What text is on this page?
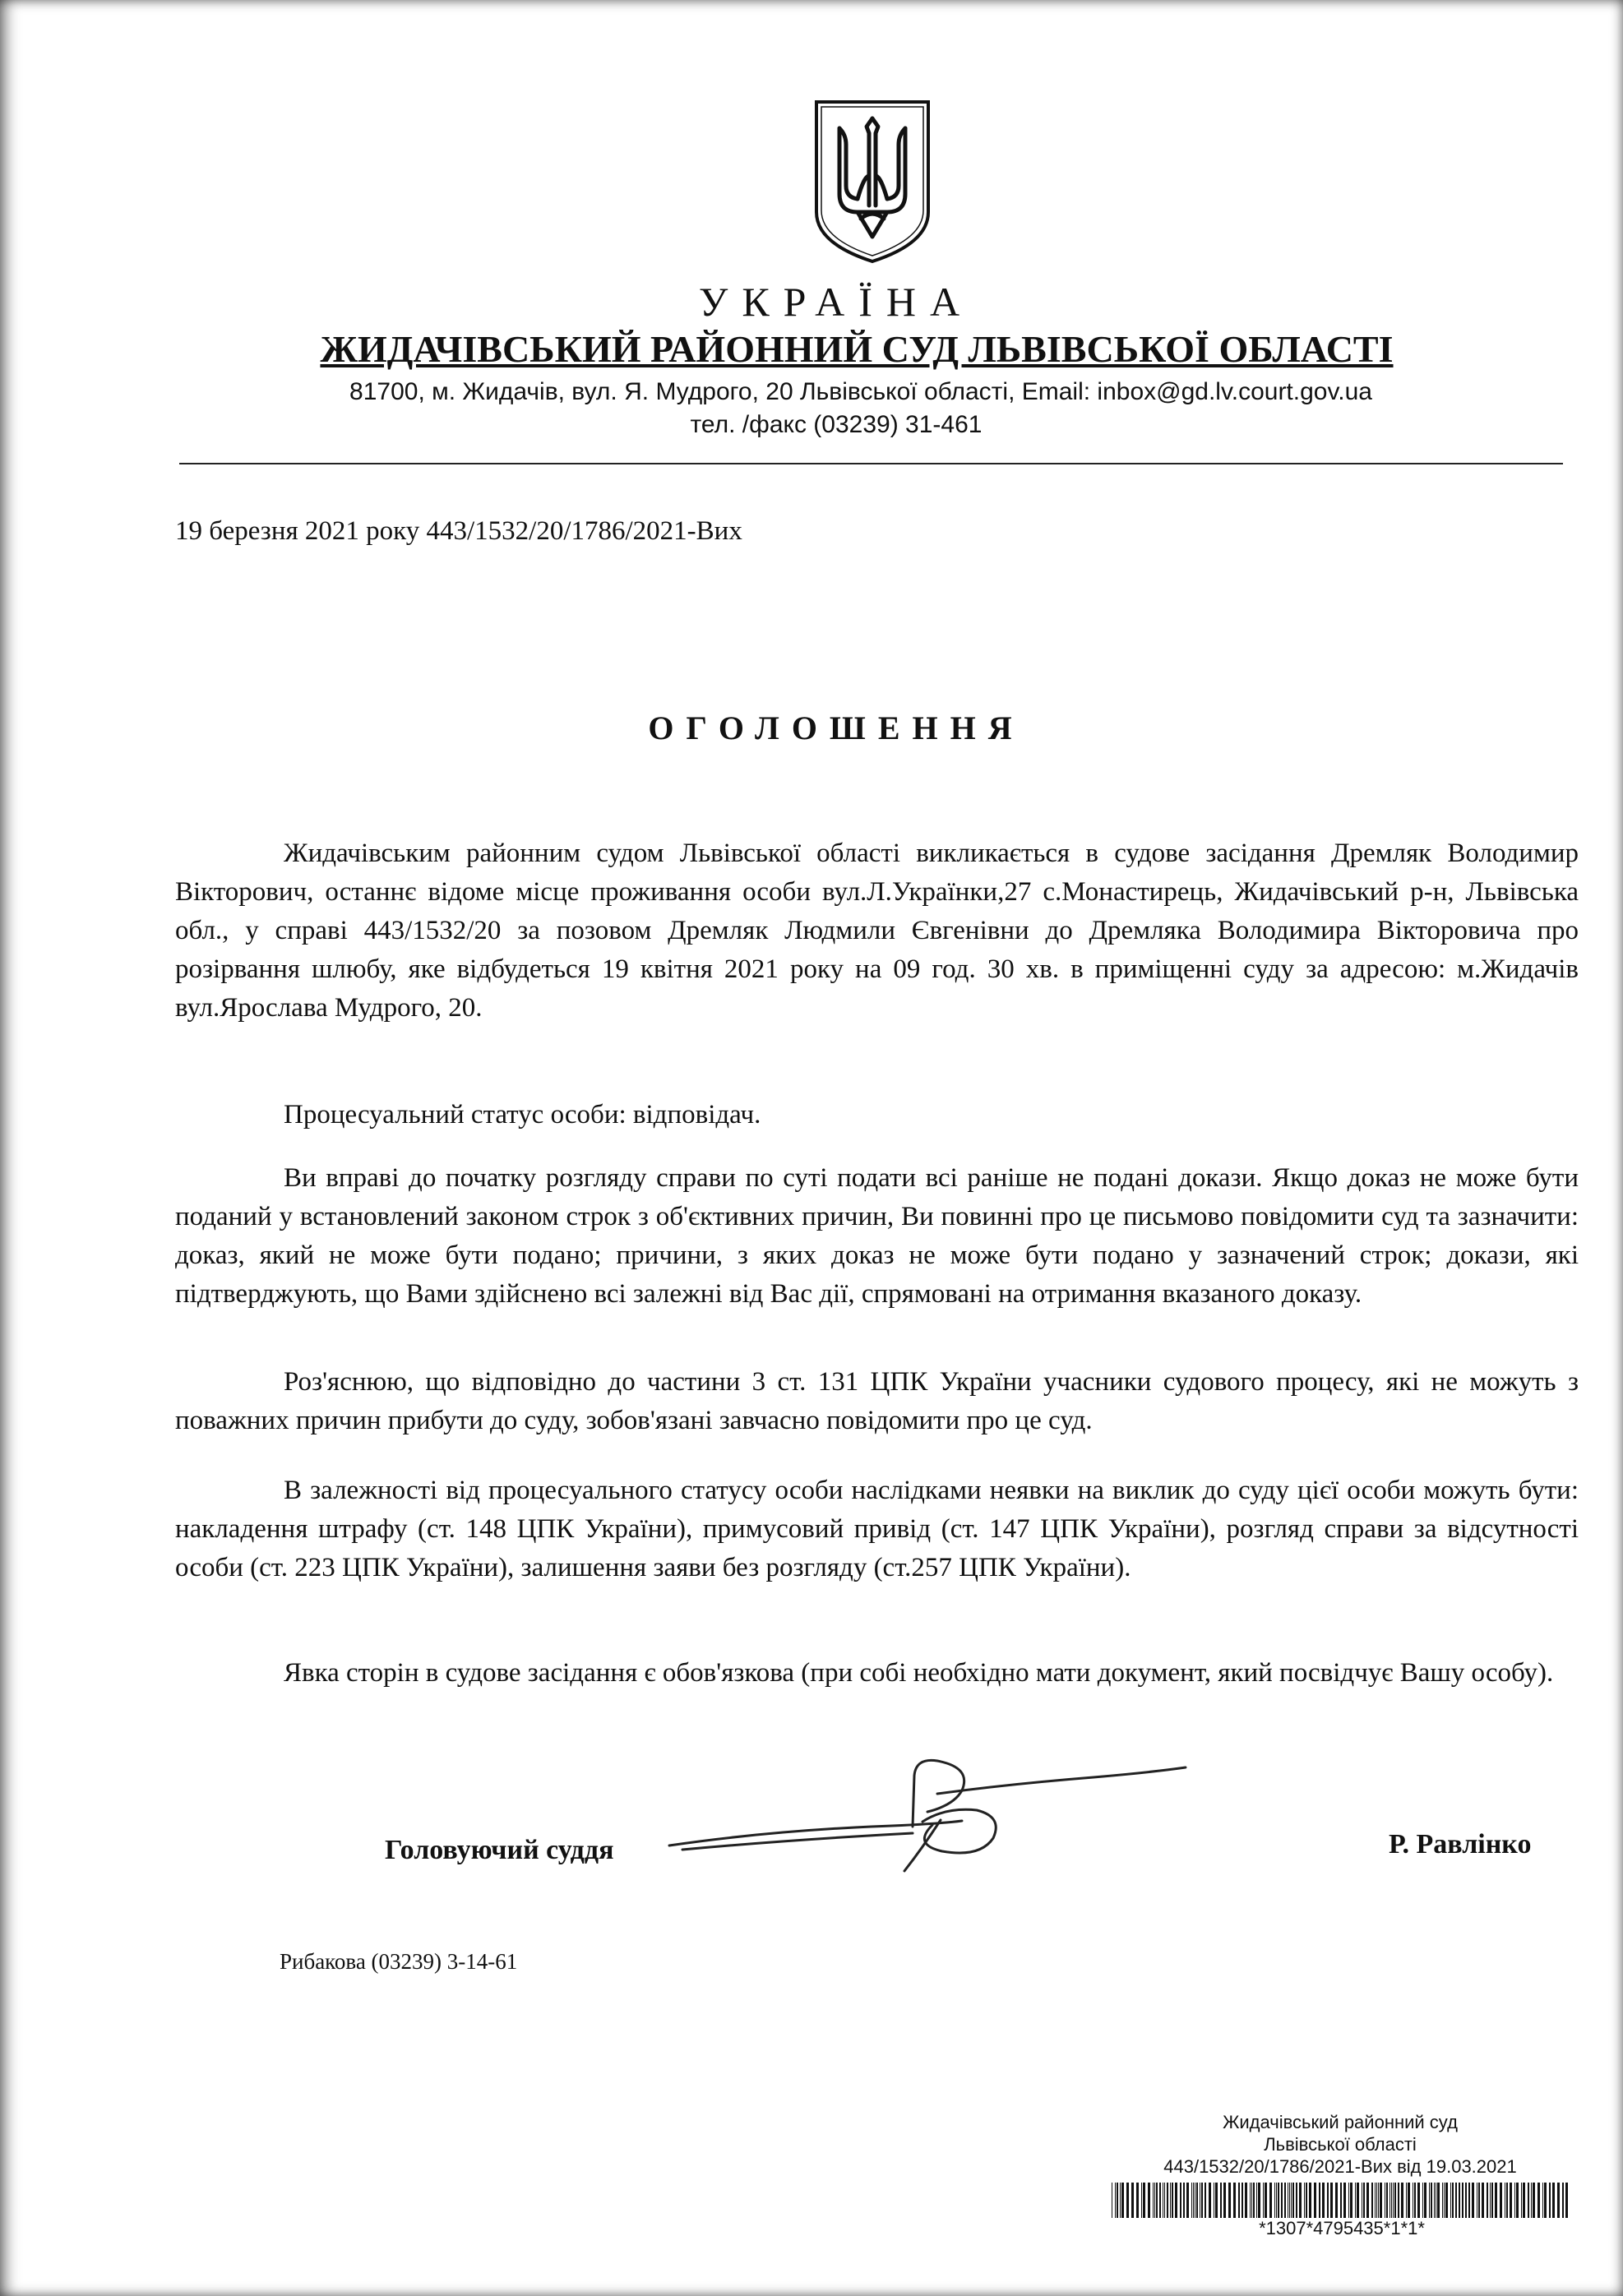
УКРАЇНА
ЖИДАЧІВСЬКИЙ РАЙОННИЙ СУД ЛЬВІВСЬКОЇ ОБЛАСТІ
81700, м. Жидачів, вул. Я. Мудрого, 20 Львівської області, Email: inbox@gd.lv.court.gov.ua
тел. /факс (03239) 31-461
19 березня 2021 року 443/1532/20/1786/2021-Вих
ОГОЛОШЕННЯ

Жидачівським районним судом Львівської області викликається в судове засідання Дремляк Володимир Вікторович, останнє відоме місце проживання особи вул.Л.Українки,27 с.Монастирець, Жидачівський р-н, Львівська обл., у справі 443/1532/20 за позовом Дремляк Людмили Євгенівни до Дремляка Володимира Вікторовича про розірвання шлюбу, яке відбудеться 19 квітня 2021 року на 09 год. 30 хв. в приміщенні суду за адресою: м.Жидачів вул.Ярослава Мудрого, 20.

Процесуальний статус особи: відповідач.

Ви вправі до початку розгляду справи по суті подати всі раніше не подані докази. Якщо доказ не може бути поданий у встановлений законом строк з об'єктивних причин, Ви повинні про це письмово повідомити суд та зазначити: доказ, який не може бути подано; причини, з яких доказ не може бути подано у зазначений строк; докази, які підтверджують, що Вами здійснено всі залежні від Вас дії, спрямовані на отримання вказаного доказу.

Роз'яснюю, що відповідно до частини 3 ст. 131 ЦПК України учасники судового процесу, які не можуть з поважних причин прибути до суду, зобов'язані завчасно повідомити про це суд.

В залежності від процесуального статусу особи наслідками неявки на виклик до суду цієї особи можуть бути: накладення штрафу (ст. 148 ЦПК України), примусовий привід (ст. 147 ЦПК України), розгляд справи за відсутності особи (ст. 223 ЦПК України), залишення заяви без розгляду (ст.257 ЦПК України).

Явка сторін в судове засідання є обов'язкова (при собі необхідно мати документ, який посвідчує Вашу особу).

Головуючий суддя	Р. Равлінко
Рибакова (03239) 3-14-61
Жидачівський районний суд
Львівської області
443/1532/20/1786/2021-Вих від 19.03.2021
*1307*4795435*1*1*
